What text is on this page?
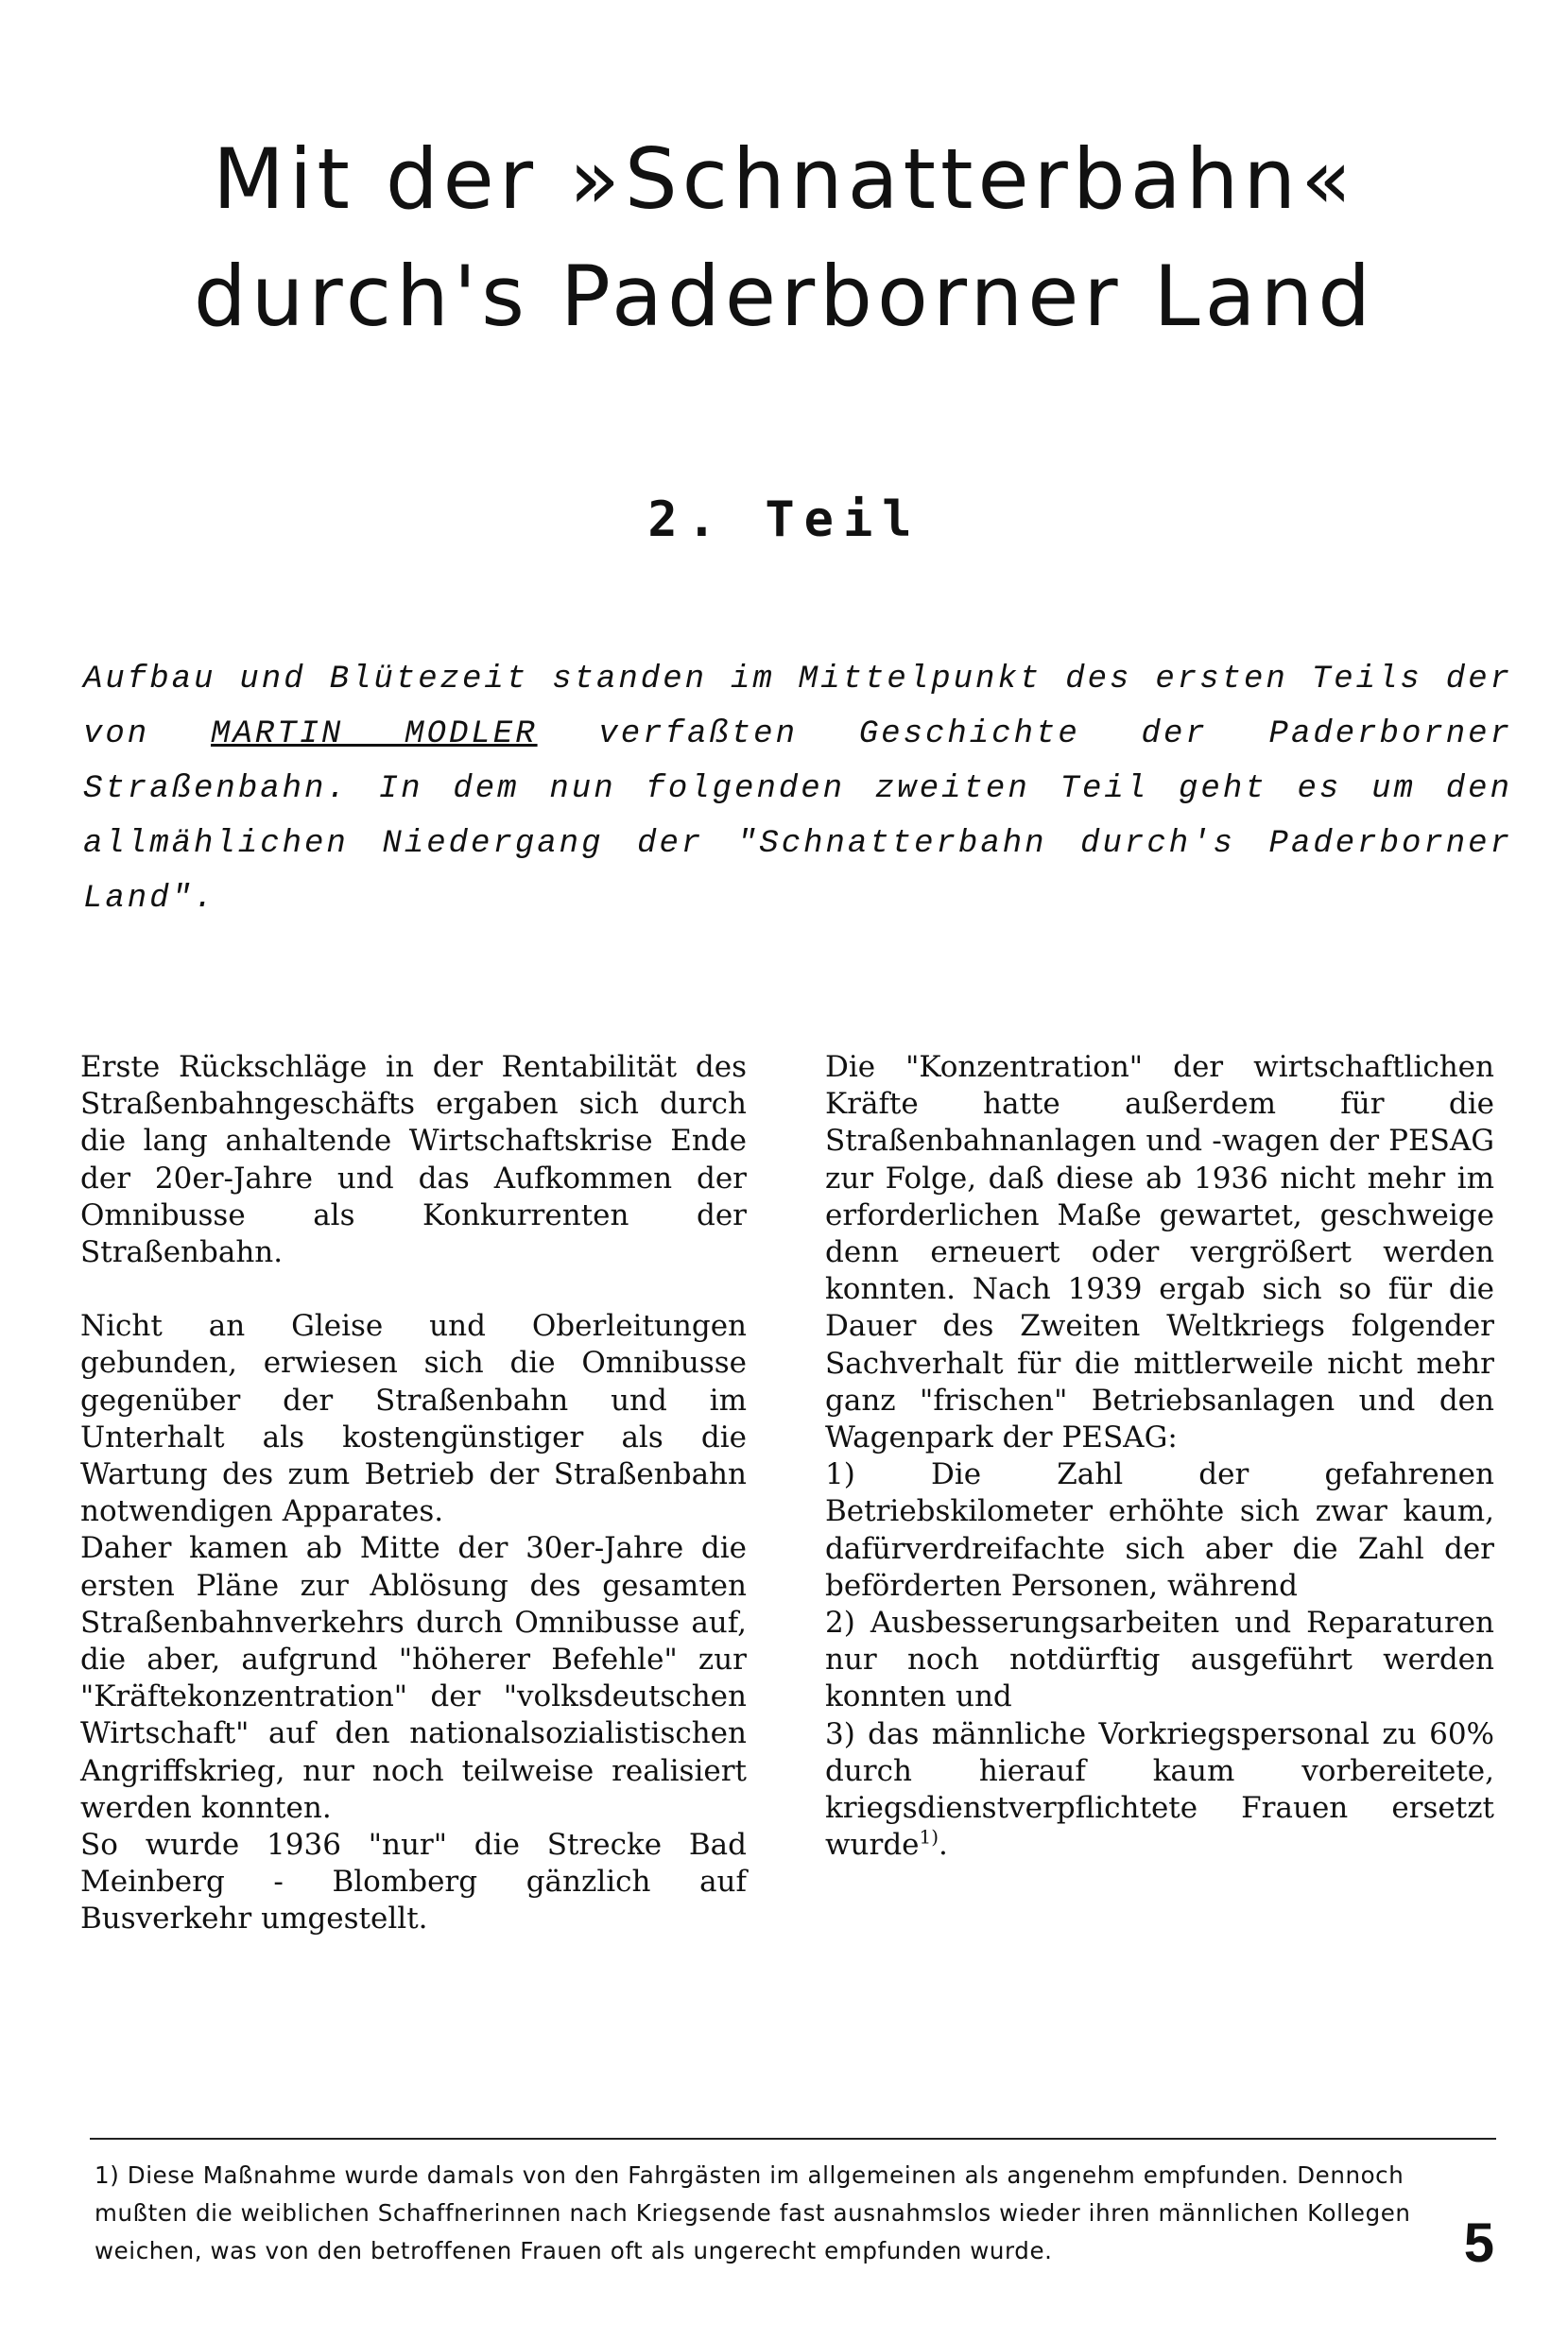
Mit der »Schnatterbahn«
durch's Paderborner Land
2. Teil

Aufbau und Blütezeit standen im Mittelpunkt des ersten Teils der von MARTIN MODLER verfaßten Geschichte der Paderborner Straßenbahn. In dem nun folgenden zweiten Teil geht es um den allmählichen Niedergang der "Schnatterbahn durch's Paderborner Land".

Erste Rückschläge in der Rentabilität des Straßenbahngeschäfts ergaben sich durch die lang anhaltende Wirtschaftskrise Ende der 20er-Jahre und das Aufkommen der Omnibusse als Konkurrenten der Straßenbahn.

Nicht an Gleise und Oberleitungen gebunden, erwiesen sich die Omnibusse gegenüber der Straßenbahn und im Unterhalt als kostengünstiger als die Wartung des zum Betrieb der Straßenbahn notwendigen Apparates.

Daher kamen ab Mitte der 30er-Jahre die ersten Pläne zur Ablösung des gesamten Straßenbahnverkehrs durch Omnibusse auf, die aber, aufgrund "höherer Befehle" zur "Kräftekonzentration" der "volksdeutschen Wirtschaft" auf den nationalsozialistischen Angriffskrieg, nur noch teilweise realisiert werden konnten.

So wurde 1936 "nur" die Strecke Bad Meinberg - Blomberg gänzlich auf Busverkehr umgestellt.

Die "Konzentration" der wirtschaftlichen Kräfte hatte außerdem für die Straßenbahnanlagen und -wagen der PESAG zur Folge, daß diese ab 1936 nicht mehr im erforderlichen Maße gewartet, geschweige denn erneuert oder vergrößert werden konnten. Nach 1939 ergab sich so für die Dauer des Zweiten Weltkriegs folgender Sachverhalt für die mittlerweile nicht mehr ganz "frischen" Betriebsanlagen und den Wagenpark der PESAG:

1) Die Zahl der gefahrenen Betriebskilometer erhöhte sich zwar kaum, dafürverdreifachte sich aber die Zahl der beförderten Personen, während

2) Ausbesserungsarbeiten und Reparaturen nur noch notdürftig ausgeführt werden konnten und

3) das männliche Vorkriegspersonal zu 60% durch hierauf kaum vorbereitete, kriegsdienstverpflichtete Frauen ersetzt wurde$^{1)}$.

1) Diese Maßnahme wurde damals von den Fahrgästen im allgemeinen als angenehm empfunden. Dennoch mußten die weiblichen Schaffnerinnen nach Kriegsende fast ausnahmslos wieder ihren männlichen Kollegen weichen, was von den betroffenen Frauen oft als ungerecht empfunden wurde.	5
